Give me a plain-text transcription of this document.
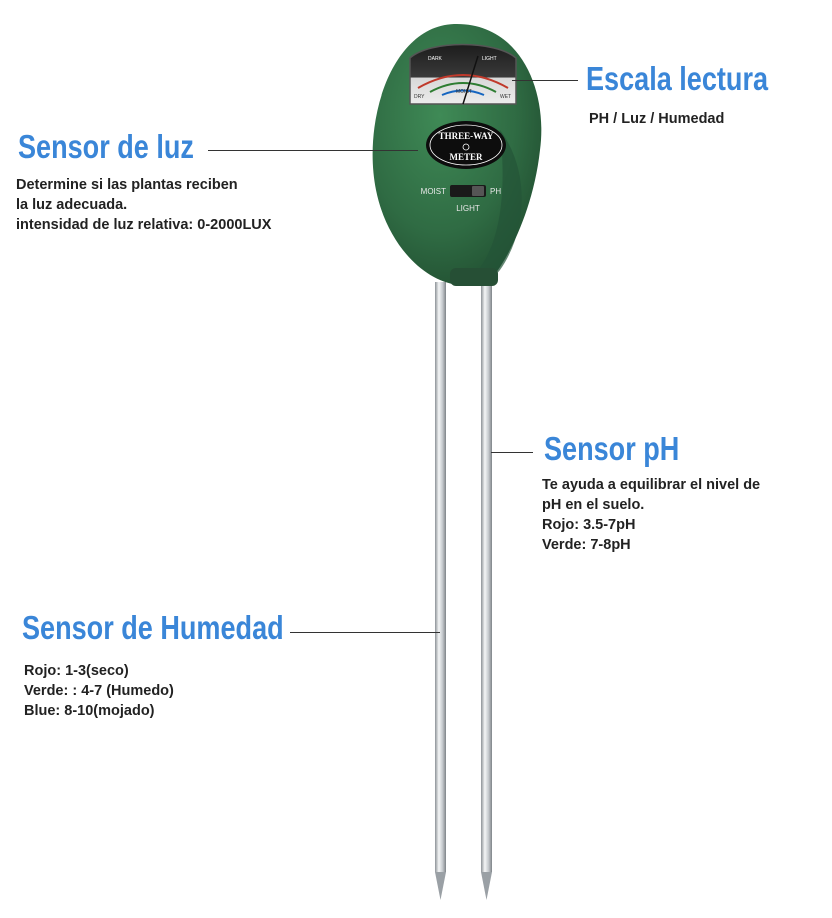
DARK	LIGHT
DRY
MOIST
WET
THREE-WAY
METER
MOIST	PH
LIGHT
Escala lectura
PH / Luz / Humedad
Sensor de luz
Determine si las plantas reciben
la luz adecuada.
intensidad de luz relativa: 0-2000LUX
Sensor pH
Te ayuda a equilibrar el nivel de
pH en el suelo.
Rojo: 3.5-7pH
Verde: 7-8pH
Sensor de Humedad
Rojo: 1-3(seco)
Verde: : 4-7 (Humedo)
Blue: 8-10(mojado)
